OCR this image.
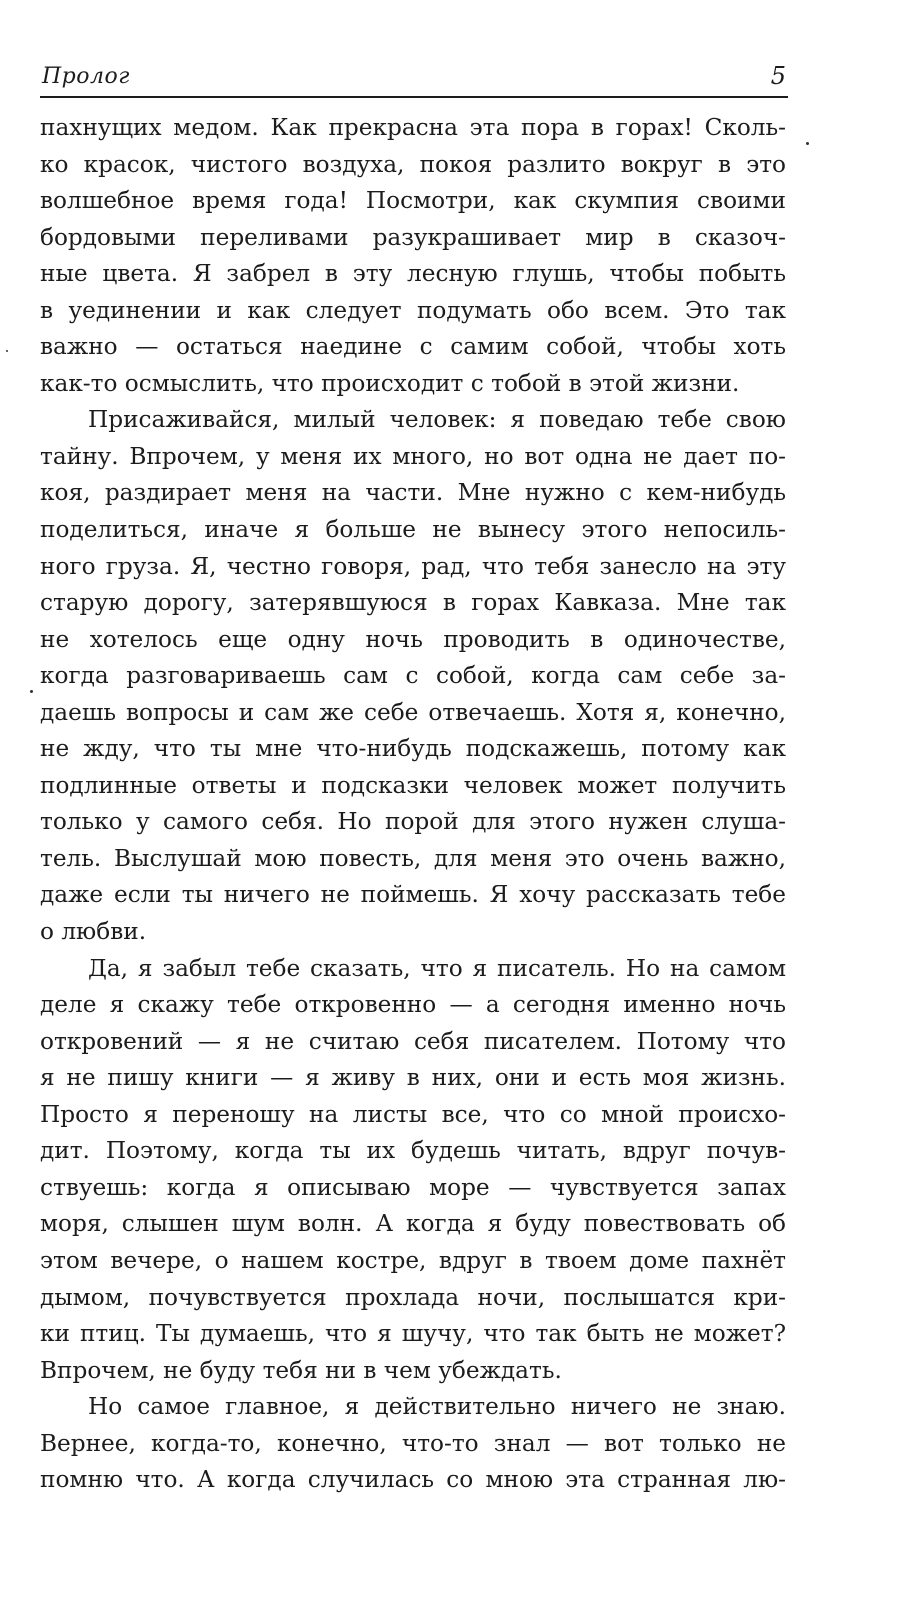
Пролог	5
пахнущих медом. Как прекрасна эта пора в горах! Сколь-
ко красок, чистого воздуха, покоя разлито вокруг в это
волшебное время года! Посмотри, как скумпия своими
бордовыми переливами разукрашивает мир в сказоч-
ные цвета. Я забрел в эту лесную глушь, чтобы побыть
в уединении и как следует подумать обо всем. Это так
важно — остаться наедине с самим собой, чтобы хоть
как-то осмыслить, что происходит с тобой в этой жизни.
Присаживайся, милый человек: я поведаю тебе свою
тайну. Впрочем, у меня их много, но вот одна не дает по-
коя, раздирает меня на части. Мне нужно с кем-нибудь
поделиться, иначе я больше не вынесу этого непосиль-
ного груза. Я, честно говоря, рад, что тебя занесло на эту
старую дорогу, затерявшуюся в горах Кавказа. Мне так
не хотелось еще одну ночь проводить в одиночестве,
когда разговариваешь сам с собой, когда сам себе за-
даешь вопросы и сам же себе отвечаешь. Хотя я, конечно,
не жду, что ты мне что-нибудь подскажешь, потому как
подлинные ответы и подсказки человек может получить
только у самого себя. Но порой для этого нужен слуша-
тель. Выслушай мою повесть, для меня это очень важно,
даже если ты ничего не поймешь. Я хочу рассказать тебе
о любви.
Да, я забыл тебе сказать, что я писатель. Но на самом
деле я скажу тебе откровенно — а сегодня именно ночь
откровений — я не считаю себя писателем. Потому что
я не пишу книги — я живу в них, они и есть моя жизнь.
Просто я переношу на листы все, что со мной происхо-
дит. Поэтому, когда ты их будешь читать, вдруг почув-
ствуешь: когда я описываю море — чувствуется запах
моря, слышен шум волн. А когда я буду повествовать об
этом вечере, о нашем костре, вдруг в твоем доме пахнёт
дымом, почувствуется прохлада ночи, послышатся кри-
ки птиц. Ты думаешь, что я шучу, что так быть не может?
Впрочем, не буду тебя ни в чем убеждать.
Но самое главное, я действительно ничего не знаю.
Вернее, когда-то, конечно, что-то знал — вот только не
помню что. А когда случилась со мною эта странная лю-
